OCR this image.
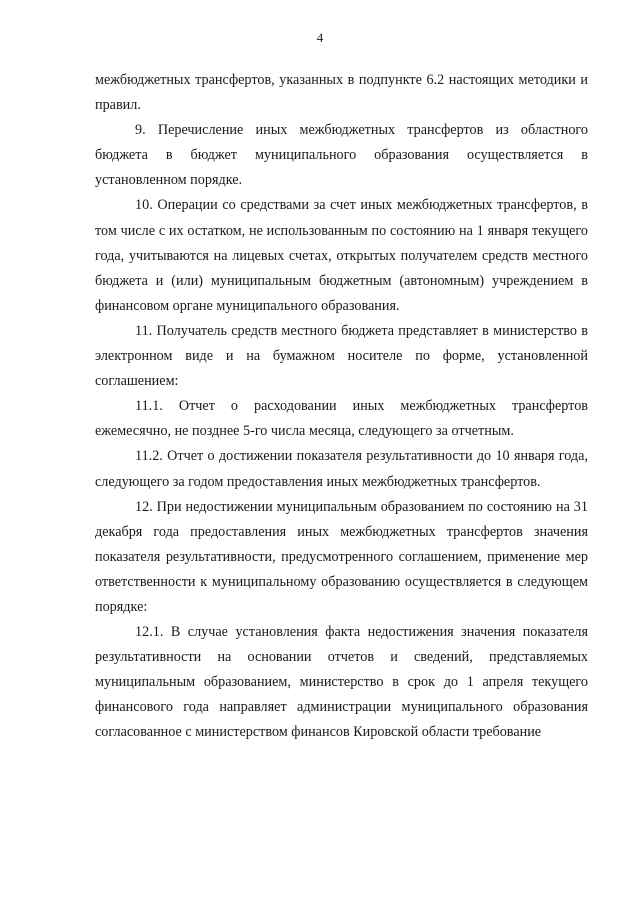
4

межбюджетных трансфертов, указанных в подпункте 6.2 настоящих методики и правил.

9. Перечисление иных межбюджетных трансфертов из областного бюджета в бюджет муниципального образования осуществляется в установленном порядке.

10. Операции со средствами за счет иных межбюджетных трансфертов, в том числе с их остатком, не использованным по состоянию на 1 января текущего года, учитываются на лицевых счетах, открытых получателем средств местного бюджета и (или) муниципальным бюджетным (автономным) учреждением в финансовом органе муниципального образования.

11. Получатель средств местного бюджета представляет в министерство в электронном виде и на бумажном носителе по форме, установленной соглашением:

11.1. Отчет о расходовании иных межбюджетных трансфертов ежемесячно, не позднее 5-го числа месяца, следующего за отчетным.

11.2. Отчет о достижении показателя результативности до 10 января года, следующего за годом предоставления иных межбюджетных трансфертов.

12. При недостижении муниципальным образованием по состоянию на 31 декабря года предоставления иных межбюджетных трансфертов значения показателя результативности, предусмотренного соглашением, применение мер ответственности к муниципальному образованию осуществляется в следующем порядке:

12.1. В случае установления факта недостижения значения показателя результативности на основании отчетов и сведений, представляемых муниципальным образованием, министерство в срок до 1 апреля текущего финансового года направляет администрации муниципального образования согласованное с министерством финансов Кировской области требование
